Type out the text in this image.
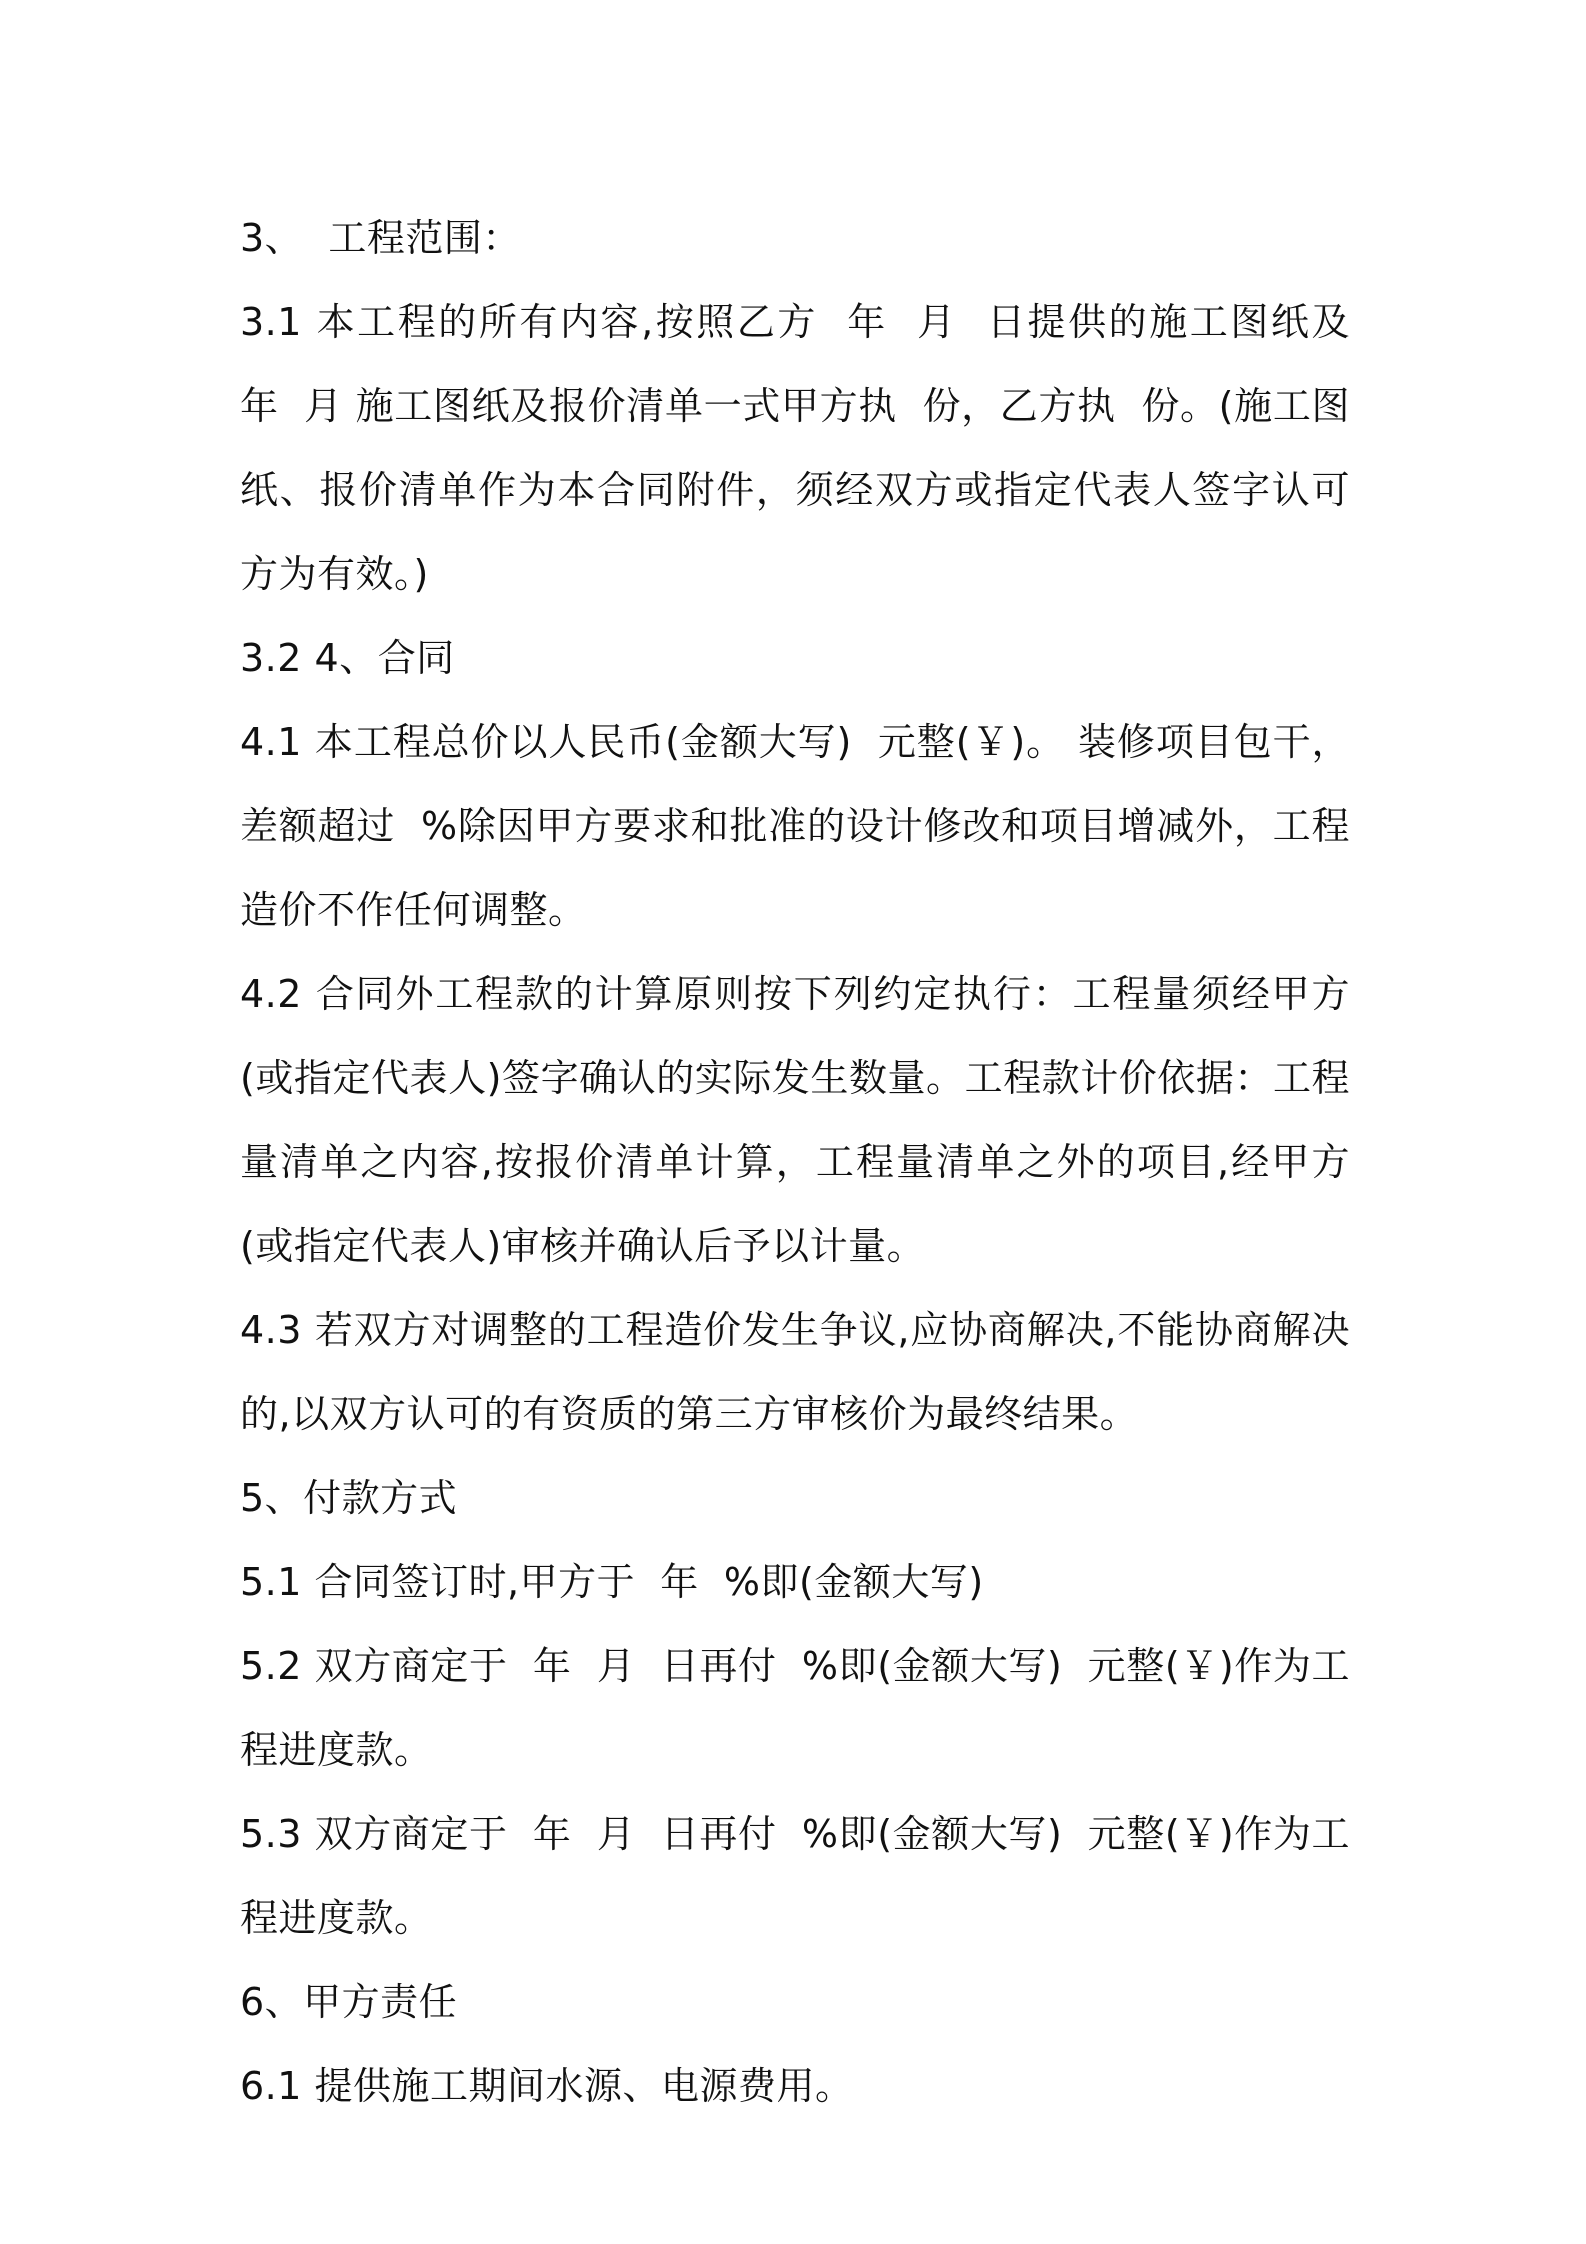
3、  工程范围：

3.1 本工程的所有内容,按照乙方  年  月  日提供的施工图纸及  年  月 施工图纸及报价清单一式甲方执  份，乙方执  份。(施工图纸、报价清单作为本合同附件，须经双方或指定代表人签字认可方为有效。)

3.2 4、合同

4.1 本工程总价以人民币(金额大写)  元整(￥)。 装修项目包干，差额超过  %除因甲方要求和批准的设计修改和项目增减外，工程造价不作任何调整。

4.2 合同外工程款的计算原则按下列约定执行：工程量须经甲方(或指定代表人)签字确认的实际发生数量。工程款计价依据：工程量清单之内容,按报价清单计算，工程量清单之外的项目,经甲方(或指定代表人)审核并确认后予以计量。

4.3 若双方对调整的工程造价发生争议,应协商解决,不能协商解决的,以双方认可的有资质的第三方审核价为最终结果。

5、付款方式

5.1 合同签订时,甲方于  年  %即(金额大写)

5.2 双方商定于  年  月  日再付  %即(金额大写)  元整(￥)作为工程进度款。

5.3 双方商定于  年  月  日再付  %即(金额大写)  元整(￥)作为工程进度款。

6、甲方责任

6.1 提供施工期间水源、电源费用。
